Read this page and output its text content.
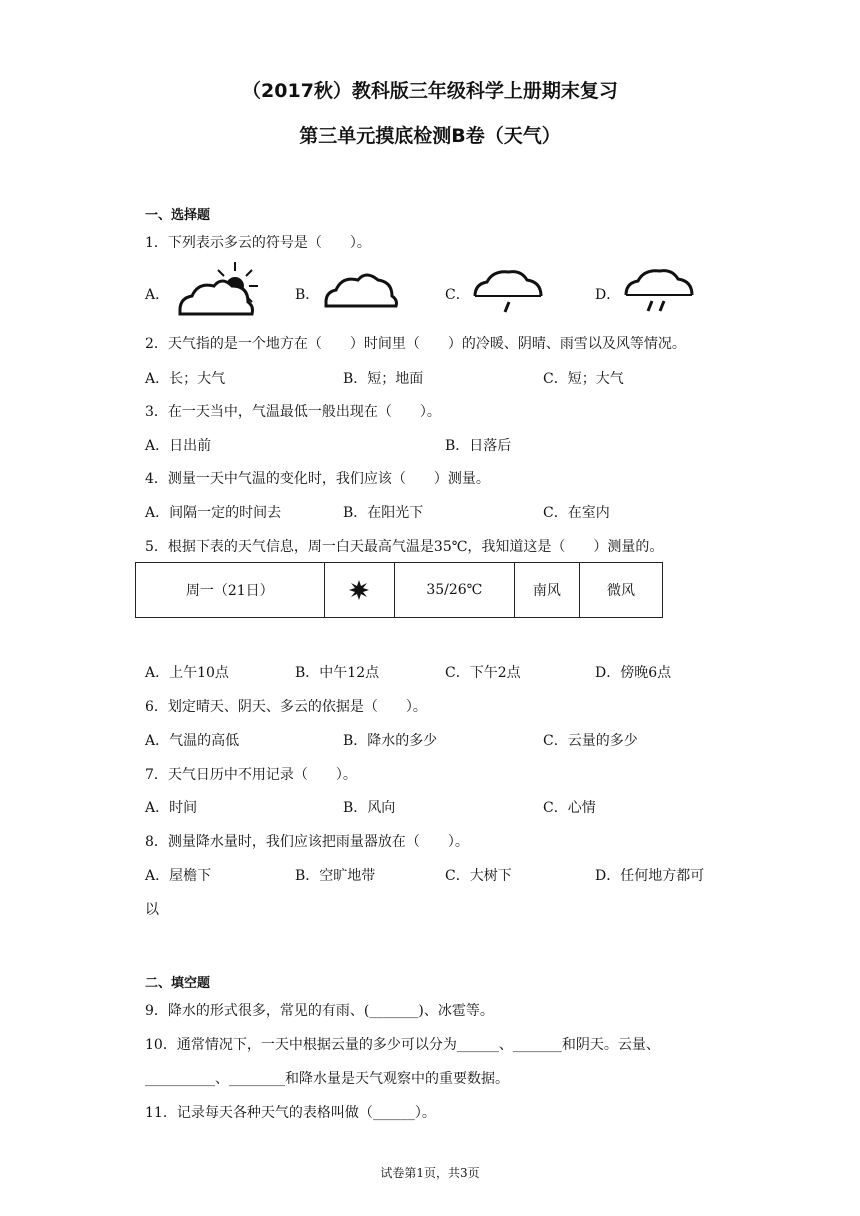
（2017秋）教科版三年级科学上册期末复习
第三单元摸底检测B卷（天气）
一、选择题
1．下列表示多云的符号是（　　）。
A．	B．	C．	D．
2．天气指的是一个地方在（　　）时间里（　　）的冷暖、阴晴、雨雪以及风等情况。
A．长；大气	B．短；地面	C．短；大气
3．在一天当中，气温最低一般出现在（　　）。
A．日出前	B．日落后
4．测量一天中气温的变化时，我们应该（　　）测量。
A．间隔一定的时间去	B．在阳光下	C．在室内
5．根据下表的天气信息，周一白天最高气温是35℃，我知道这是（　　）测量的。
周一（21日）		35/26℃	南风	微风
A．上午10点	B．中午12点	C．下午2点	D．傍晚6点
6．划定晴天、阴天、多云的依据是（　　）。
A．气温的高低	B．降水的多少	C．云量的多少
7．天气日历中不用记录（　　）。
A．时间	B．风向	C．心情
8．测量降水量时，我们应该把雨量器放在（　　）。
A．屋檐下	B．空旷地带	C．大树下	D．任何地方都可
以
二、填空题
9．降水的形式很多，常见的有雨、(_______)、冰雹等。
10．通常情况下，一天中根据云量的多少可以分为______、_______和阴天。云量、
__________、________和降水量是天气观察中的重要数据。
11．记录每天各种天气的表格叫做（______）。
试卷第1页，共3页
